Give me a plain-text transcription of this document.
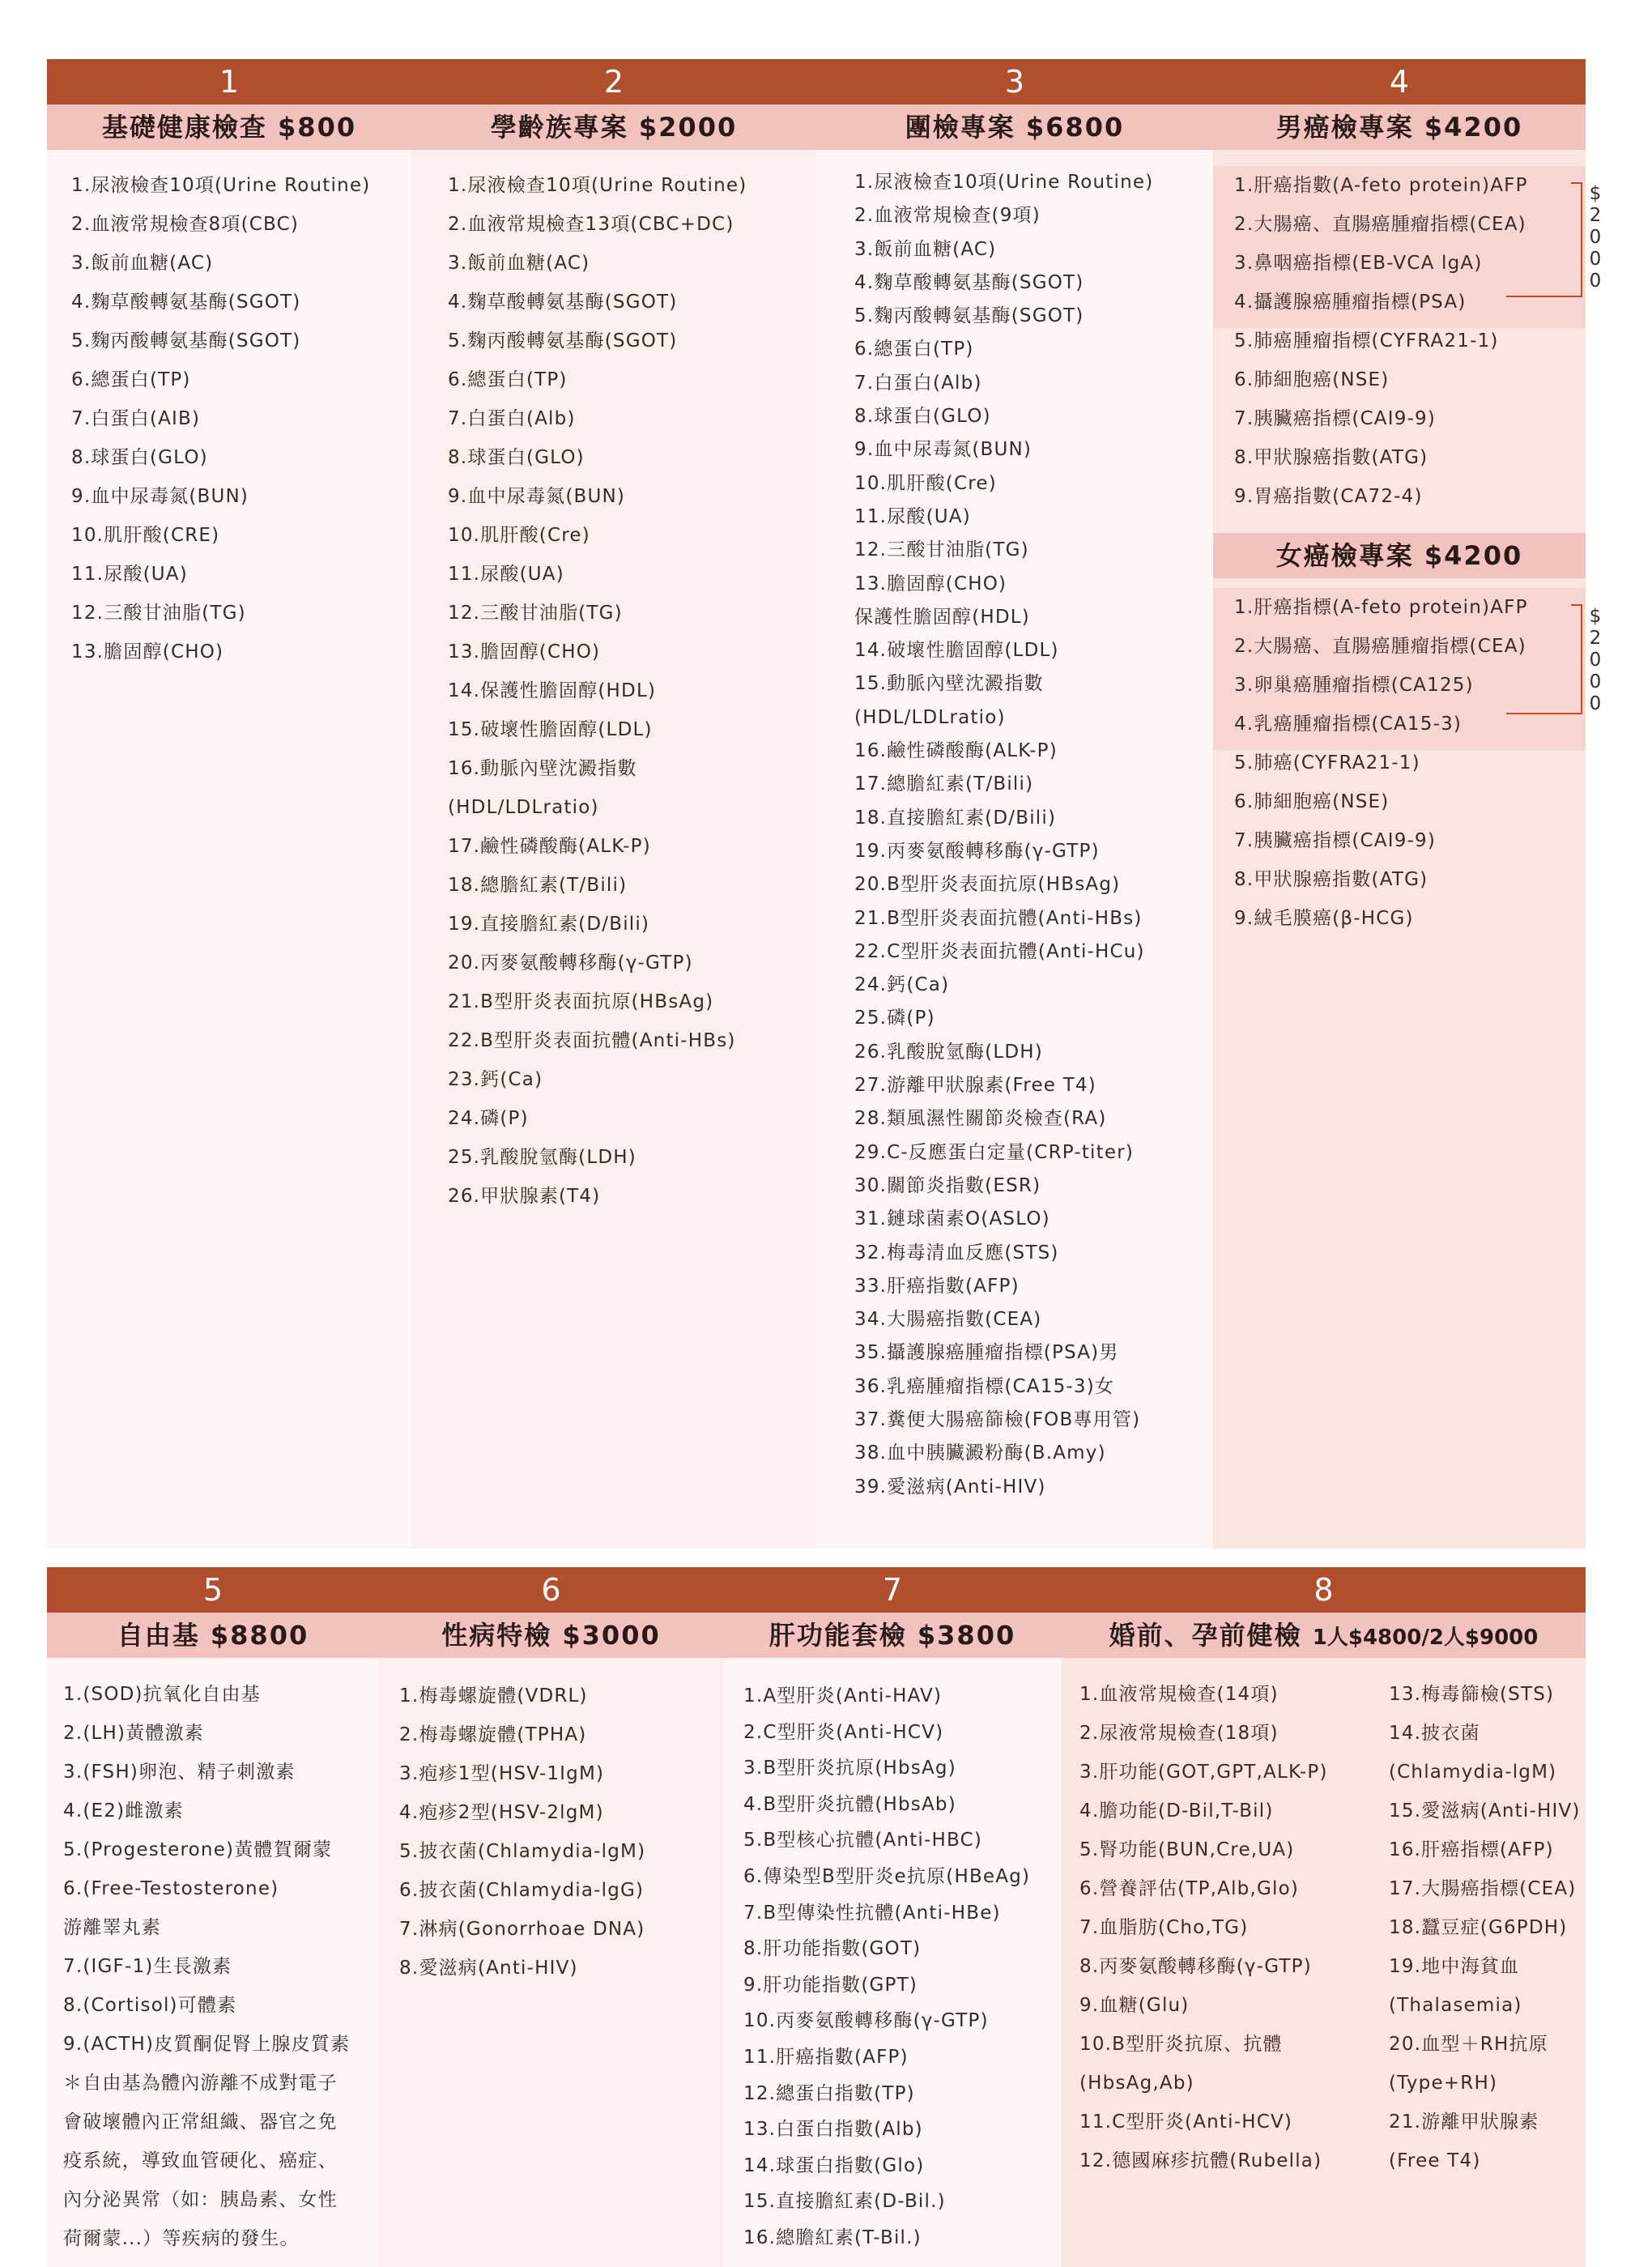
1	2	3	4
基礎健康檢查 $800	學齡族專案 $2000	團檢專案 $6800	男癌檢專案 $4200
女癌檢專案 $4200
1.尿液檢查10項(Urine Routine)
2.血液常規檢查8項(CBC)
3.飯前血糖(AC)
4.麴草酸轉氨基酶(SGOT)
5.麴丙酸轉氨基酶(SGOT)
6.總蛋白(TP)
7.白蛋白(AIB)
8.球蛋白(GLO)
9.血中尿毒氮(BUN)
10.肌肝酸(CRE)
11.尿酸(UA)
12.三酸甘油脂(TG)
13.膽固醇(CHO)
1.尿液檢查10項(Urine Routine)
2.血液常規檢查13項(CBC+DC)
3.飯前血糖(AC)
4.麴草酸轉氨基酶(SGOT)
5.麴丙酸轉氨基酶(SGOT)
6.總蛋白(TP)
7.白蛋白(Alb)
8.球蛋白(GLO)
9.血中尿毒氮(BUN)
10.肌肝酸(Cre)
11.尿酸(UA)
12.三酸甘油脂(TG)
13.膽固醇(CHO)
14.保護性膽固醇(HDL)
15.破壞性膽固醇(LDL)
16.動脈內壁沈澱指數
(HDL/LDLratio)
17.鹼性磷酸酶(ALK-P)
18.總膽紅素(T/Bili)
19.直接膽紅素(D/Bili)
20.丙麥氨酸轉移酶(γ-GTP)
21.B型肝炎表面抗原(HBsAg)
22.B型肝炎表面抗體(Anti-HBs)
23.鈣(Ca)
24.磷(P)
25.乳酸脫氫酶(LDH)
26.甲狀腺素(T4)
1.尿液檢查10項(Urine Routine)
2.血液常規檢查(9項)
3.飯前血糖(AC)
4.麴草酸轉氨基酶(SGOT)
5.麴丙酸轉氨基酶(SGOT)
6.總蛋白(TP)
7.白蛋白(Alb)
8.球蛋白(GLO)
9.血中尿毒氮(BUN)
10.肌肝酸(Cre)
11.尿酸(UA)
12.三酸甘油脂(TG)
13.膽固醇(CHO)
保護性膽固醇(HDL)
14.破壞性膽固醇(LDL)
15.動脈內壁沈澱指數
(HDL/LDLratio)
16.鹼性磷酸酶(ALK-P)
17.總膽紅素(T/Bili)
18.直接膽紅素(D/Bili)
19.丙麥氨酸轉移酶(γ-GTP)
20.B型肝炎表面抗原(HBsAg)
21.B型肝炎表面抗體(Anti-HBs)
22.C型肝炎表面抗體(Anti-HCu)
24.鈣(Ca)
25.磷(P)
26.乳酸脫氫酶(LDH)
27.游離甲狀腺素(Free T4)
28.類風濕性關節炎檢查(RA)
29.C-反應蛋白定量(CRP-titer)
30.關節炎指數(ESR)
31.鏈球菌素O(ASLO)
32.梅毒清血反應(STS)
33.肝癌指數(AFP)
34.大腸癌指數(CEA)
35.攝護腺癌腫瘤指標(PSA)男
36.乳癌腫瘤指標(CA15-3)女
37.糞便大腸癌篩檢(FOB專用管)
38.血中胰臟澱粉酶(B.Amy)
39.愛滋病(Anti-HIV)
1.肝癌指數(A-feto protein)AFP
2.大腸癌、直腸癌腫瘤指標(CEA)
3.鼻咽癌指標(EB-VCA lgA)
4.攝護腺癌腫瘤指標(PSA)
$
2
0
0
0
5.肺癌腫瘤指標(CYFRA21-1)
6.肺細胞癌(NSE)
7.胰臟癌指標(CAI9-9)
8.甲狀腺癌指數(ATG)
9.胃癌指數(CA72-4)
1.肝癌指標(A-feto protein)AFP
2.大腸癌、直腸癌腫瘤指標(CEA)
3.卵巢癌腫瘤指標(CA125)
4.乳癌腫瘤指標(CA15-3)
$
2
0
0
0
5.肺癌(CYFRA21-1)
6.肺細胞癌(NSE)
7.胰臟癌指標(CAI9-9)
8.甲狀腺癌指數(ATG)
9.絨毛膜癌(β-HCG)
5	6	7	8
自由基 $8800	性病特檢 $3000	肝功能套檢 $3800	婚前、孕前健檢 1人$4800/2人$9000
1.(SOD)抗氧化自由基
2.(LH)黃體激素
3.(FSH)卵泡、精子刺激素
4.(E2)雌激素
5.(Progesterone)黃體賀爾蒙
6.(Free-Testosterone)
游離睪丸素
7.(IGF-1)生長激素
8.(Cortisol)可體素
9.(ACTH)皮質酮促腎上腺皮質素
＊自由基為體內游離不成對電子
會破壞體內正常組織、器官之免
疫系統，導致血管硬化、癌症、
內分泌異常（如：胰島素、女性
荷爾蒙...）等疾病的發生。
1.梅毒螺旋體(VDRL)
2.梅毒螺旋體(TPHA)
3.疱疹1型(HSV-1IgM)
4.疱疹2型(HSV-2lgM)
5.披衣菌(Chlamydia-lgM)
6.披衣菌(Chlamydia-lgG)
7.淋病(Gonorrhoae DNA)
8.愛滋病(Anti-HIV)
1.A型肝炎(Anti-HAV)
2.C型肝炎(Anti-HCV)
3.B型肝炎抗原(HbsAg)
4.B型肝炎抗體(HbsAb)
5.B型核心抗體(Anti-HBC)
6.傳染型B型肝炎e抗原(HBeAg)
7.B型傳染性抗體(Anti-HBe)
8.肝功能指數(GOT)
9.肝功能指數(GPT)
10.丙麥氨酸轉移酶(γ-GTP)
11.肝癌指數(AFP)
12.總蛋白指數(TP)
13.白蛋白指數(Alb)
14.球蛋白指數(Glo)
15.直接膽紅素(D-Bil.)
16.總膽紅素(T-Bil.)
1.血液常規檢查(14項)
2.尿液常規檢查(18項)
3.肝功能(GOT,GPT,ALK-P)
4.膽功能(D-Bil,T-Bil)
5.腎功能(BUN,Cre,UA)
6.營養評估(TP,Alb,Glo)
7.血脂肪(Cho,TG)
8.丙麥氨酸轉移酶(γ-GTP)
9.血糖(Glu)
10.B型肝炎抗原、抗體
(HbsAg,Ab)
11.C型肝炎(Anti-HCV)
12.德國麻疹抗體(Rubella)
13.梅毒篩檢(STS)
14.披衣菌
(Chlamydia-lgM)
15.愛滋病(Anti-HIV)
16.肝癌指標(AFP)
17.大腸癌指標(CEA)
18.蠶豆症(G6PDH)
19.地中海貧血
(Thalasemia)
20.血型＋RH抗原
(Type+RH)
21.游離甲狀腺素
(Free T4)
